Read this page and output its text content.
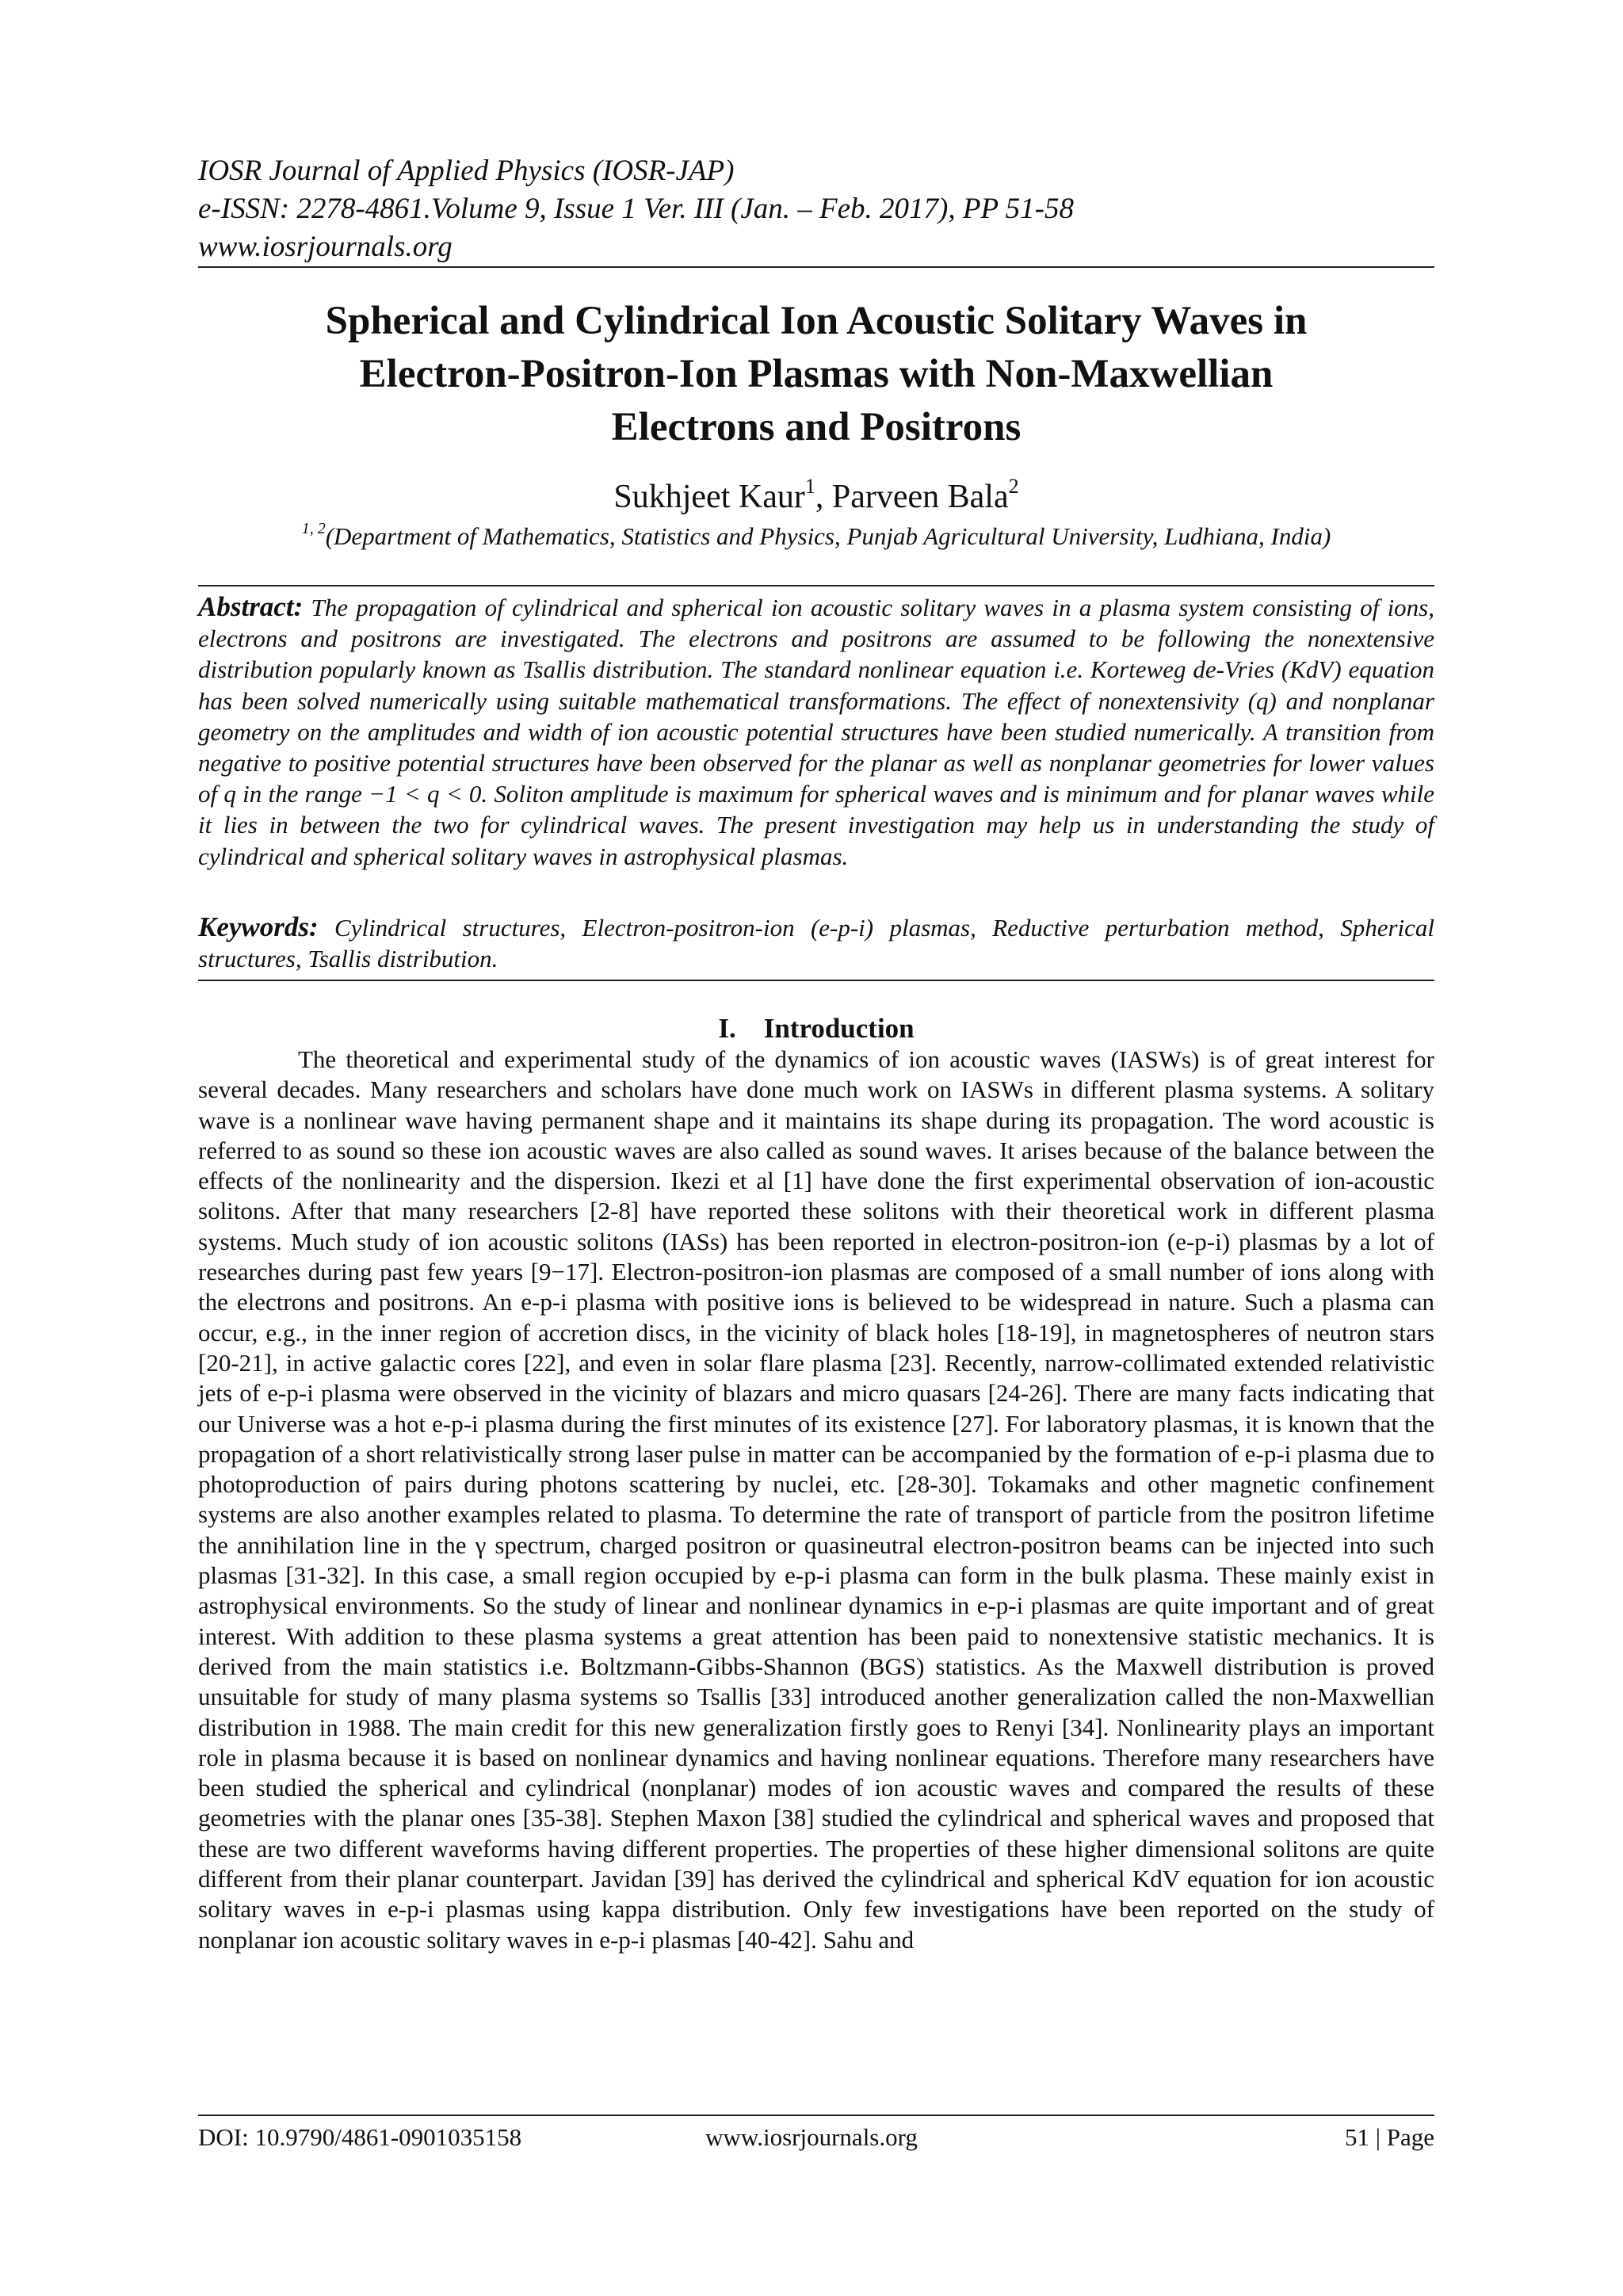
IOSR Journal of Applied Physics (IOSR-JAP)
e-ISSN: 2278-4861.Volume 9, Issue 1 Ver. III (Jan. – Feb. 2017), PP 51-58
www.iosrjournals.org
Spherical and Cylindrical Ion Acoustic Solitary Waves in
Electron-Positron-Ion Plasmas with Non-Maxwellian
Electrons and Positrons
Sukhjeet Kaur$^1$, Parveen Bala$^2$
$^{1, 2}$(Department of Mathematics, Statistics and Physics, Punjab Agricultural University, Ludhiana, India)
Abstract: The propagation of cylindrical and spherical ion acoustic solitary waves in a plasma system consisting of ions, electrons and positrons are investigated. The electrons and positrons are assumed to be following the nonextensive distribution popularly known as Tsallis distribution. The standard nonlinear equation i.e. Korteweg de-Vries (KdV) equation has been solved numerically using suitable mathematical transformations. The effect of nonextensivity (q) and nonplanar geometry on the amplitudes and width of ion acoustic potential structures have been studied numerically. A transition from negative to positive potential structures have been observed for the planar as well as nonplanar geometries for lower values of q in the range −1 < q < 0. Soliton amplitude is maximum for spherical waves and is minimum and for planar waves while it lies in between the two for cylindrical waves. The present investigation may help us in understanding the study of cylindrical and spherical solitary waves in astrophysical plasmas.
Keywords: Cylindrical structures, Electron-positron-ion (e-p-i) plasmas, Reductive perturbation method, Spherical structures, Tsallis distribution.
I. Introduction
The theoretical and experimental study of the dynamics of ion acoustic waves (IASWs) is of great interest for several decades. Many researchers and scholars have done much work on IASWs in different plasma systems. A solitary wave is a nonlinear wave having permanent shape and it maintains its shape during its propagation. The word acoustic is referred to as sound so these ion acoustic waves are also called as sound waves. It arises because of the balance between the effects of the nonlinearity and the dispersion. Ikezi et al [1] have done the first experimental observation of ion-acoustic solitons. After that many researchers [2-8] have reported these solitons with their theoretical work in different plasma systems. Much study of ion acoustic solitons (IASs) has been reported in electron-positron-ion (e-p-i) plasmas by a lot of researches during past few years [9−17]. Electron-positron-ion plasmas are composed of a small number of ions along with the electrons and positrons. An e-p-i plasma with positive ions is believed to be widespread in nature. Such a plasma can occur, e.g., in the inner region of accretion discs, in the vicinity of black holes [18-19], in magnetospheres of neutron stars [20-21], in active galactic cores [22], and even in solar flare plasma [23]. Recently, narrow-collimated extended relativistic jets of e-p-i plasma were observed in the vicinity of blazars and micro quasars [24-26]. There are many facts indicating that our Universe was a hot e-p-i plasma during the first minutes of its existence [27]. For laboratory plasmas, it is known that the propagation of a short relativistically strong laser pulse in matter can be accompanied by the formation of e-p-i plasma due to photoproduction of pairs during photons scattering by nuclei, etc. [28-30]. Tokamaks and other magnetic confinement systems are also another examples related to plasma. To determine the rate of transport of particle from the positron lifetime the annihilation line in the γ spectrum, charged positron or quasineutral electron-positron beams can be injected into such plasmas [31-32]. In this case, a small region occupied by e-p-i plasma can form in the bulk plasma. These mainly exist in astrophysical environments. So the study of linear and nonlinear dynamics in e-p-i plasmas are quite important and of great interest. With addition to these plasma systems a great attention has been paid to nonextensive statistic mechanics. It is derived from the main statistics i.e. Boltzmann-Gibbs-Shannon (BGS) statistics. As the Maxwell distribution is proved unsuitable for study of many plasma systems so Tsallis [33] introduced another generalization called the non-Maxwellian distribution in 1988. The main credit for this new generalization firstly goes to Renyi [34]. Nonlinearity plays an important role in plasma because it is based on nonlinear dynamics and having nonlinear equations. Therefore many researchers have been studied the spherical and cylindrical (nonplanar) modes of ion acoustic waves and compared the results of these geometries with the planar ones [35-38]. Stephen Maxon [38] studied the cylindrical and spherical waves and proposed that these are two different waveforms having different properties. The properties of these higher dimensional solitons are quite different from their planar counterpart. Javidan [39] has derived the cylindrical and spherical KdV equation for ion acoustic solitary waves in e-p-i plasmas using kappa distribution. Only few investigations have been reported on the study of nonplanar ion acoustic solitary waves in e-p-i plasmas [40-42]. Sahu and
DOI: 10.9790/4861-0901035158	www.iosrjournals.org	51 | Page
